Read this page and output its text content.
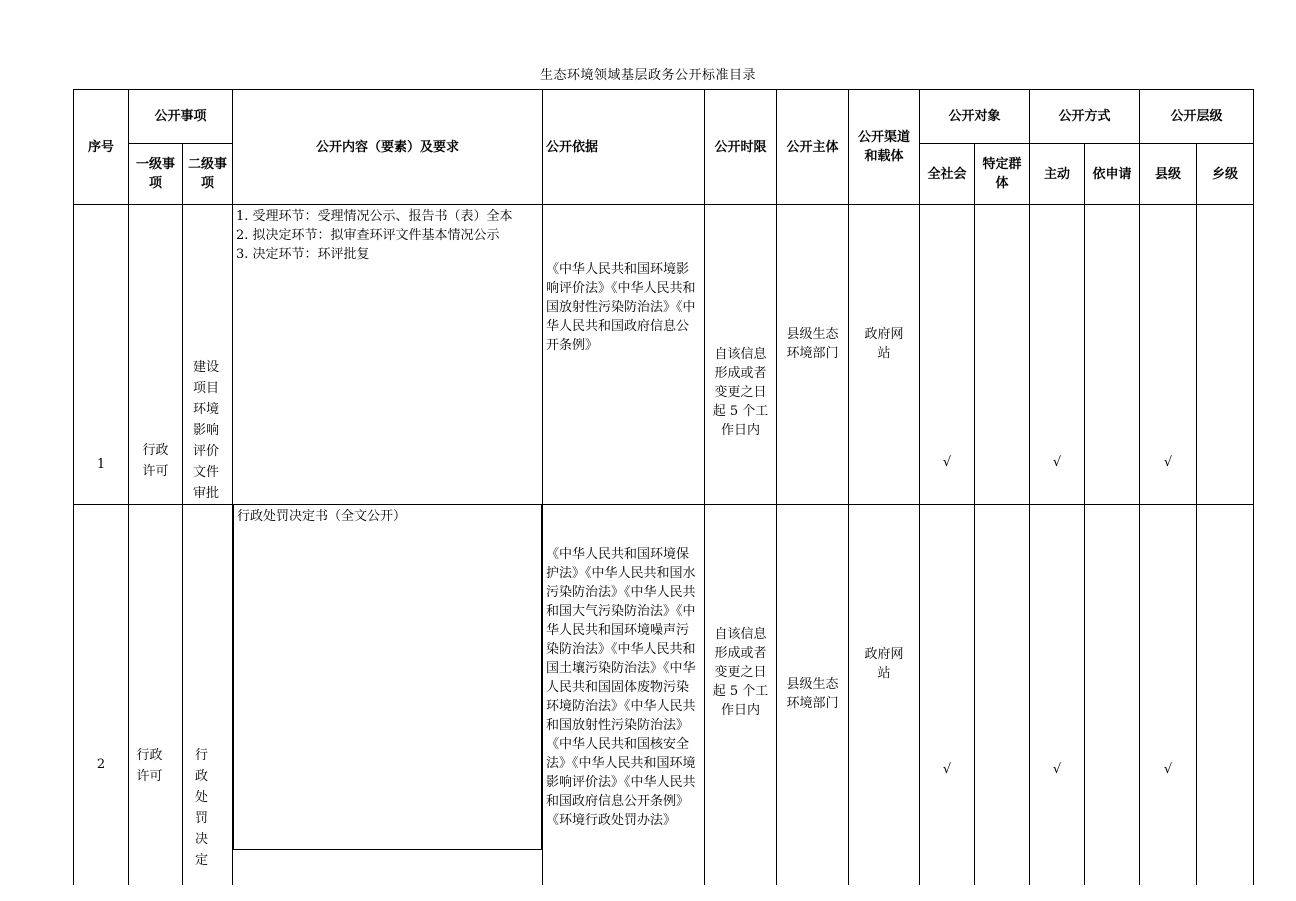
生态环境领域基层政务公开标准目录
序号	公开事项		公开内容（要素）及要求	公开依据	公开时限	公开主体	公开渠道和载体	公开对象		公开方式		公开层级	
	一级事项	二级事项						全社会	特定群体	主动	依申请	县级	乡级
1	行政许可	建设项目环境影响评价文件审批	1. 受理环节：受理情况公示、报告书（表）全本
2. 拟决定环节：拟审查环评文件基本情况公示
3. 决定环节：环评批复	《中华人民共和国环境影响评价法》《中华人民共和国放射性污染防治法》《中华人民共和国政府信息公开条例》	自该信息形成或者变更之日起 5 个工作日内	县级生态环境部门	政府网站	√		√		√	
2	行政许可	行政处罚决定	行政处罚决定书（全文公开）	《中华人民共和国环境保护法》《中华人民共和国水污染防治法》《中华人民共和国大气污染防治法》《中华人民共和国环境噪声污染防治法》《中华人民共和国土壤污染防治法》《中华人民共和国固体废物污染环境防治法》《中华人民共和国放射性污染防治法》《中华人民共和国核安全法》《中华人民共和国环境影响评价法》《中华人民共和国政府信息公开条例》《环境行政处罚办法》	自该信息形成或者变更之日起 5 个工作日内	县级生态环境部门	政府网站	√		√		√	
